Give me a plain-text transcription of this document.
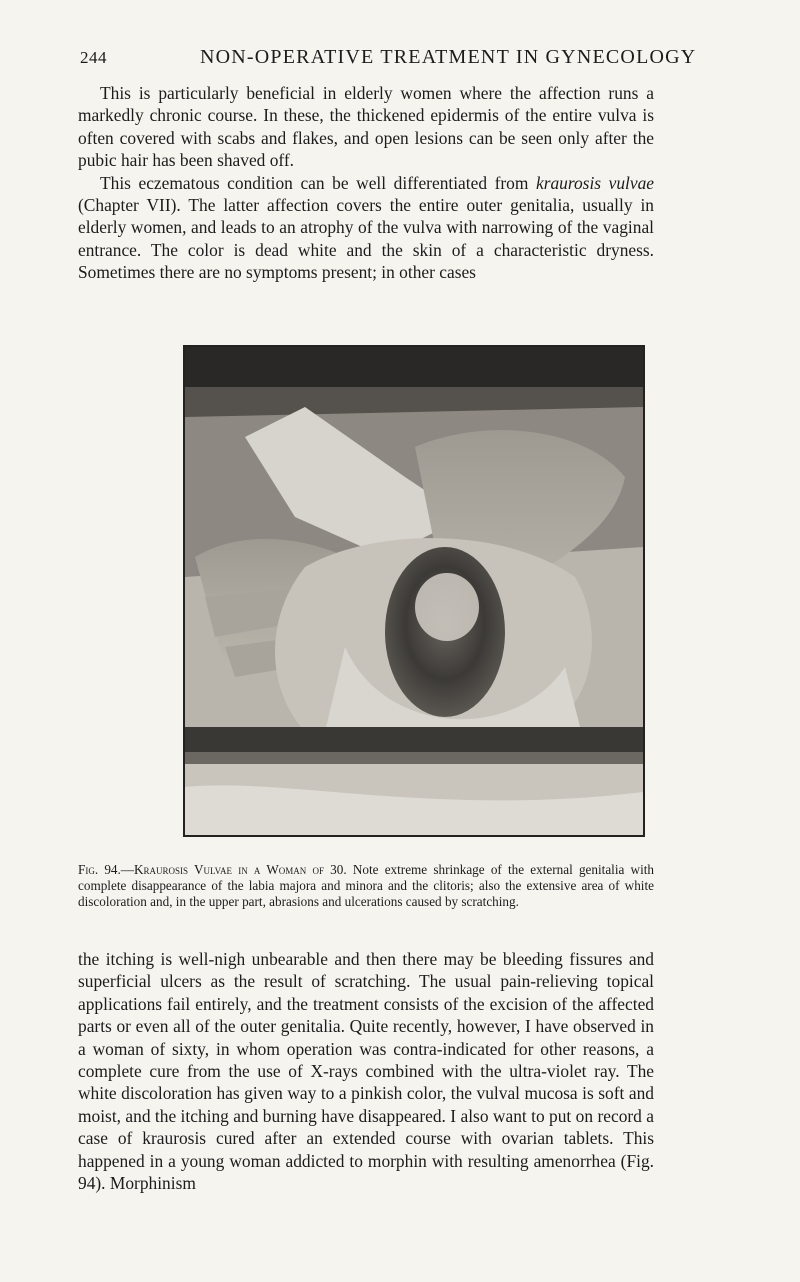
244	NON-OPERATIVE TREATMENT IN GYNECOLOGY

This is particularly beneficial in elderly women where the affection runs a markedly chronic course. In these, the thickened epidermis of the entire vulva is often covered with scabs and flakes, and open lesions can be seen only after the pubic hair has been shaved off.

This eczematous condition can be well differentiated from kraurosis vulvae (Chapter VII). The latter affection covers the entire outer genitalia, usually in elderly women, and leads to an atrophy of the vulva with narrowing of the vaginal entrance. The color is dead white and the skin of a characteristic dryness. Sometimes there are no symptoms present; in other cases

Fig. 94.—Kraurosis Vulvae in a Woman of 30. Note extreme shrinkage of the external genitalia with complete disappearance of the labia majora and minora and the clitoris; also the extensive area of white discoloration and, in the upper part, abrasions and ulcerations caused by scratching.

the itching is well-nigh unbearable and then there may be bleeding fissures and superficial ulcers as the result of scratching. The usual pain-relieving topical applications fail entirely, and the treatment consists of the excision of the affected parts or even all of the outer genitalia. Quite recently, however, I have observed in a woman of sixty, in whom operation was contra-indicated for other reasons, a complete cure from the use of X-rays combined with the ultra-violet ray. The white discoloration has given way to a pinkish color, the vulval mucosa is soft and moist, and the itching and burning have disappeared. I also want to put on record a case of kraurosis cured after an extended course with ovarian tablets. This happened in a young woman addicted to morphin with resulting amenorrhea (Fig. 94). Morphinism
